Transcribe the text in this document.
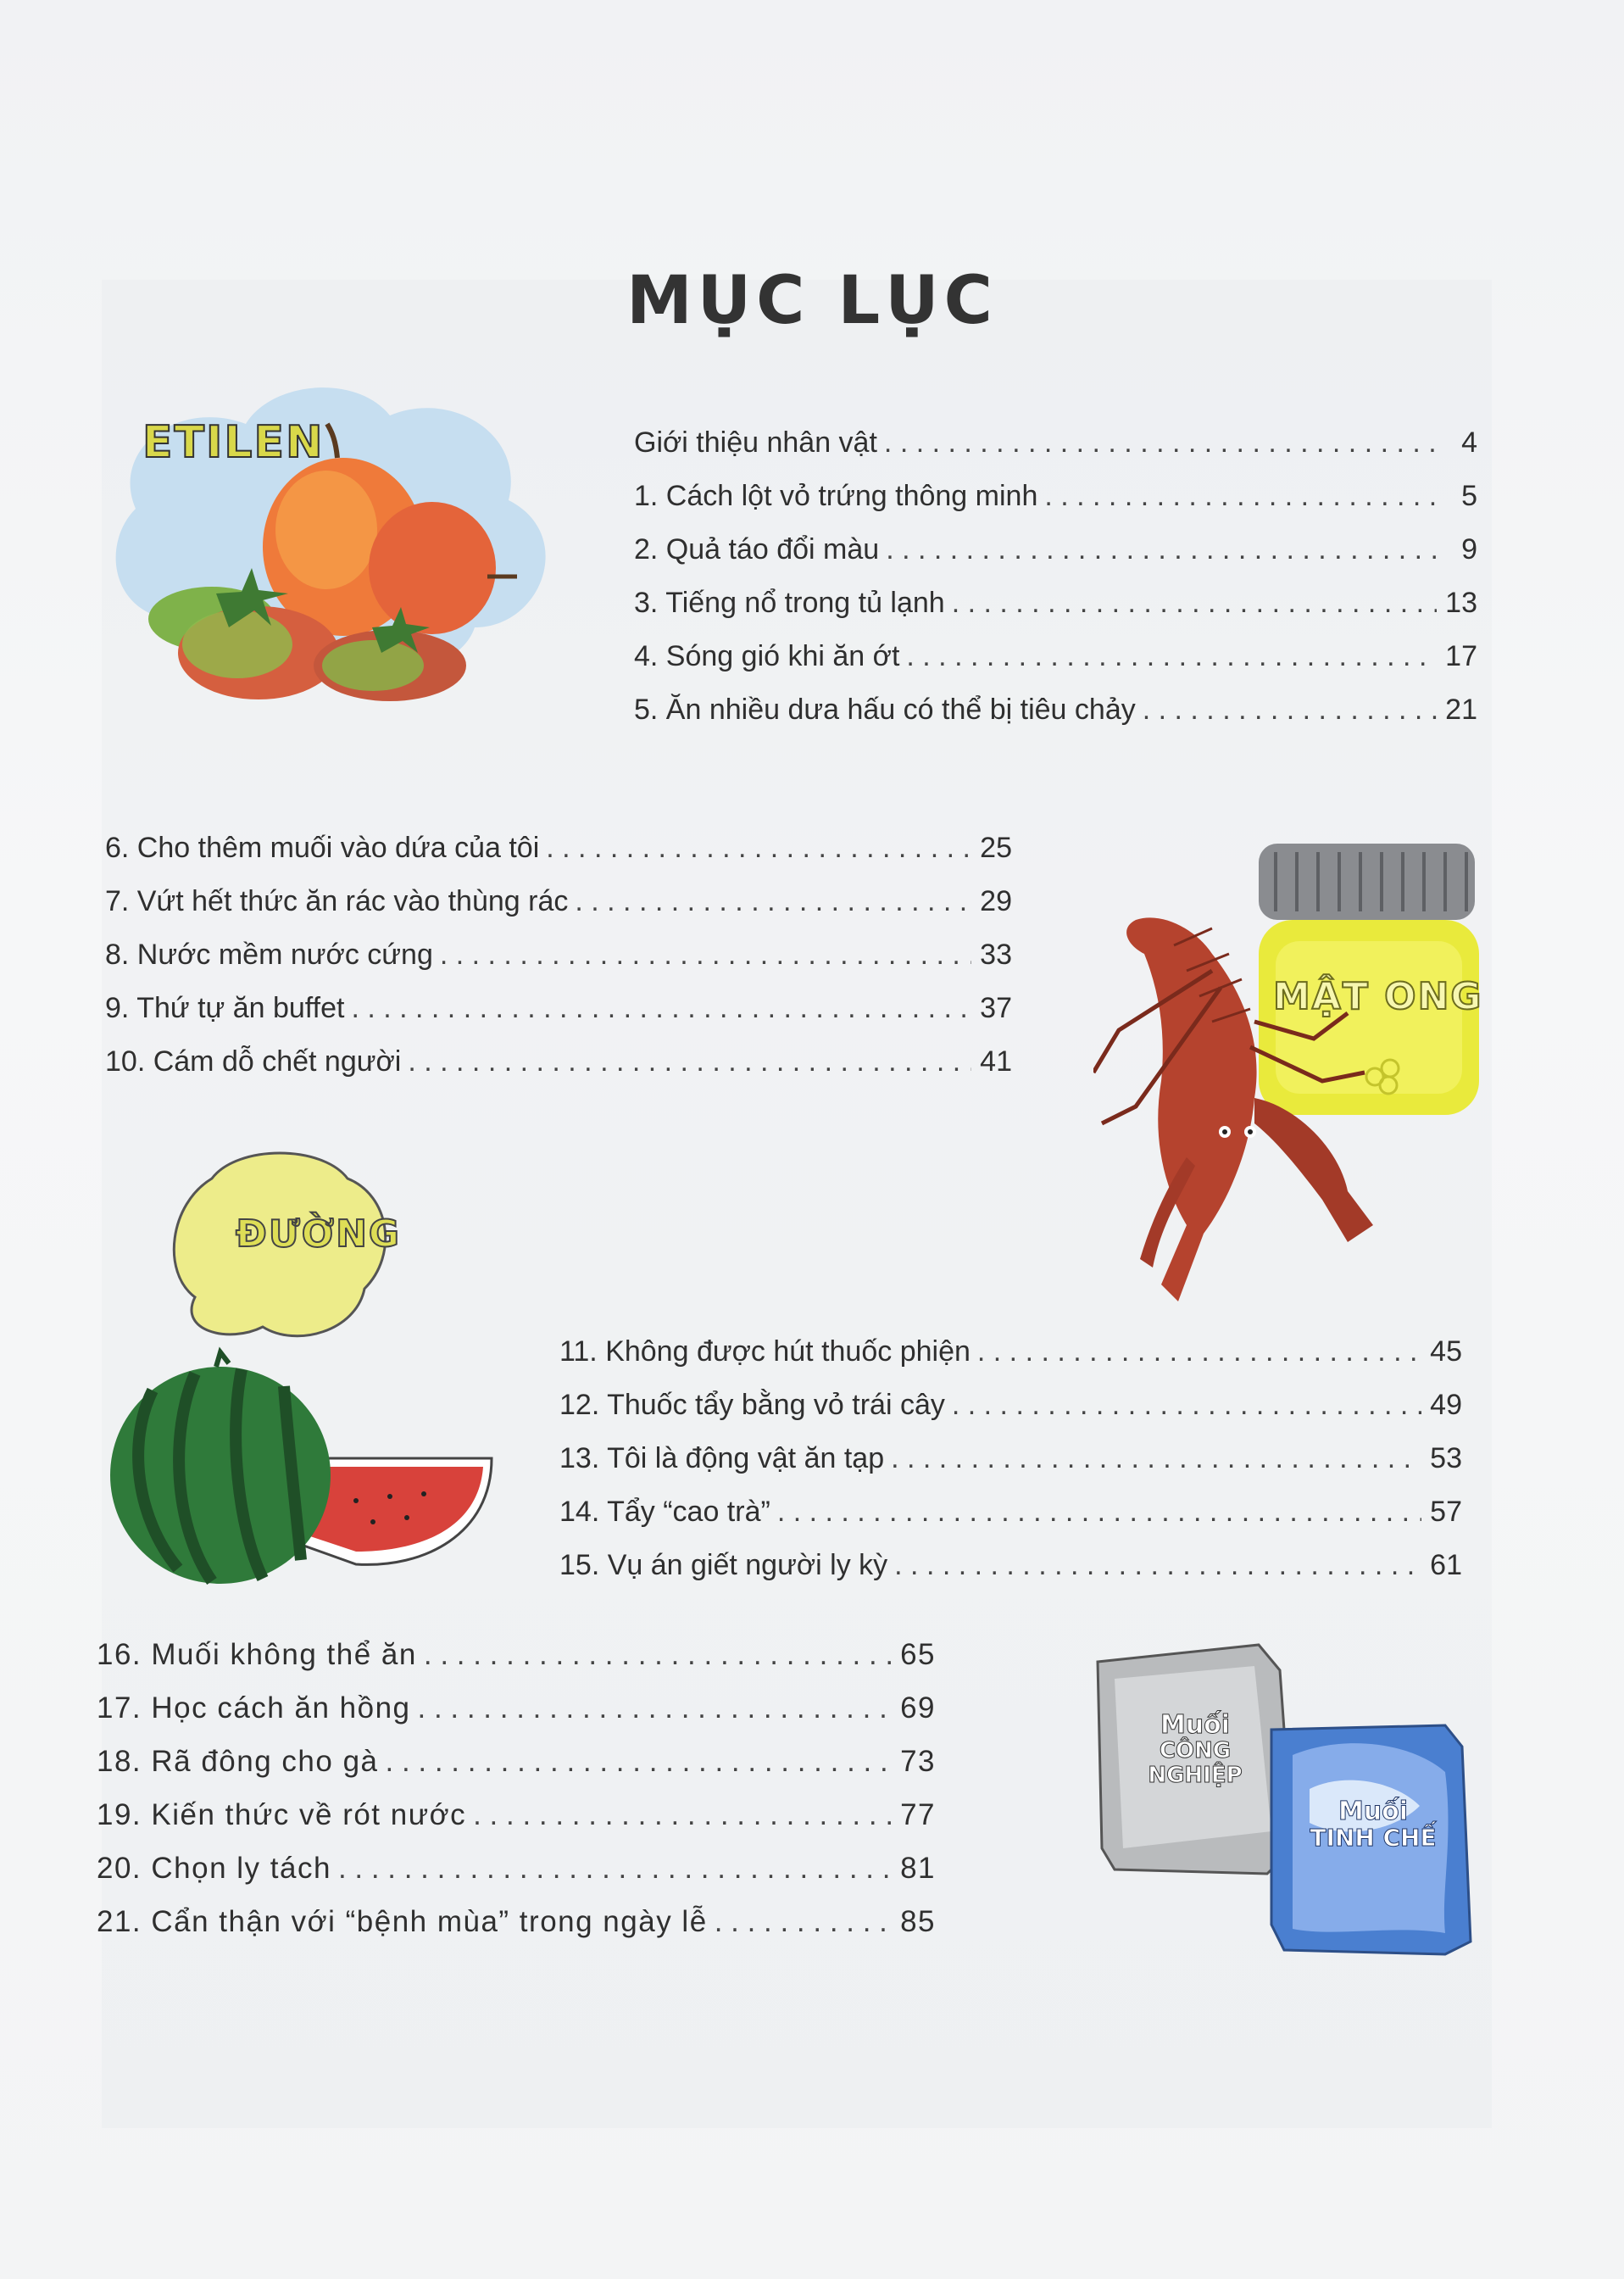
MỤC LỤC
ETILEN	Giới thiệu nhân vật . . .	4
1. Cách lột vỏ trứng thông minh . . .	5
2. Quả táo đổi màu . . .	9
3. Tiếng nổ trong tủ lạnh . . .	13
4. Sóng gió khi ăn ớt . . .	17
5. Ăn nhiều dưa hấu có thể bị tiêu chảy . . .	21
6. Cho thêm muối vào dứa của tôi . . .	25
7. Vứt hết thức ăn rác vào thùng rác . . .	29
8. Nước mềm nước cứng . . .	33
9. Thứ tự ăn buffet . . .	37
10. Cám dỗ chết người . . .	41
MẬT ONG
ĐƯỜNG
11. Không được hút thuốc phiện . . .	45
12. Thuốc tẩy bằng vỏ trái cây . . .	49
13. Tôi là động vật ăn tạp . . .	53
14. Tẩy “cao trà” . . .	57
15. Vụ án giết người ly kỳ . . .	61
16. Muối không thể ăn . . .	65
17. Học cách ăn hồng . . .	69
18. Rã đông cho gà . . .	73
19. Kiến thức về rót nước . . .	77
20. Chọn ly tách . . .	81
21. Cẩn thận với “bệnh mùa” trong ngày lễ . . .	85
Muối
CÔNG NGHIỆP
Muối
TINH CHẾ
